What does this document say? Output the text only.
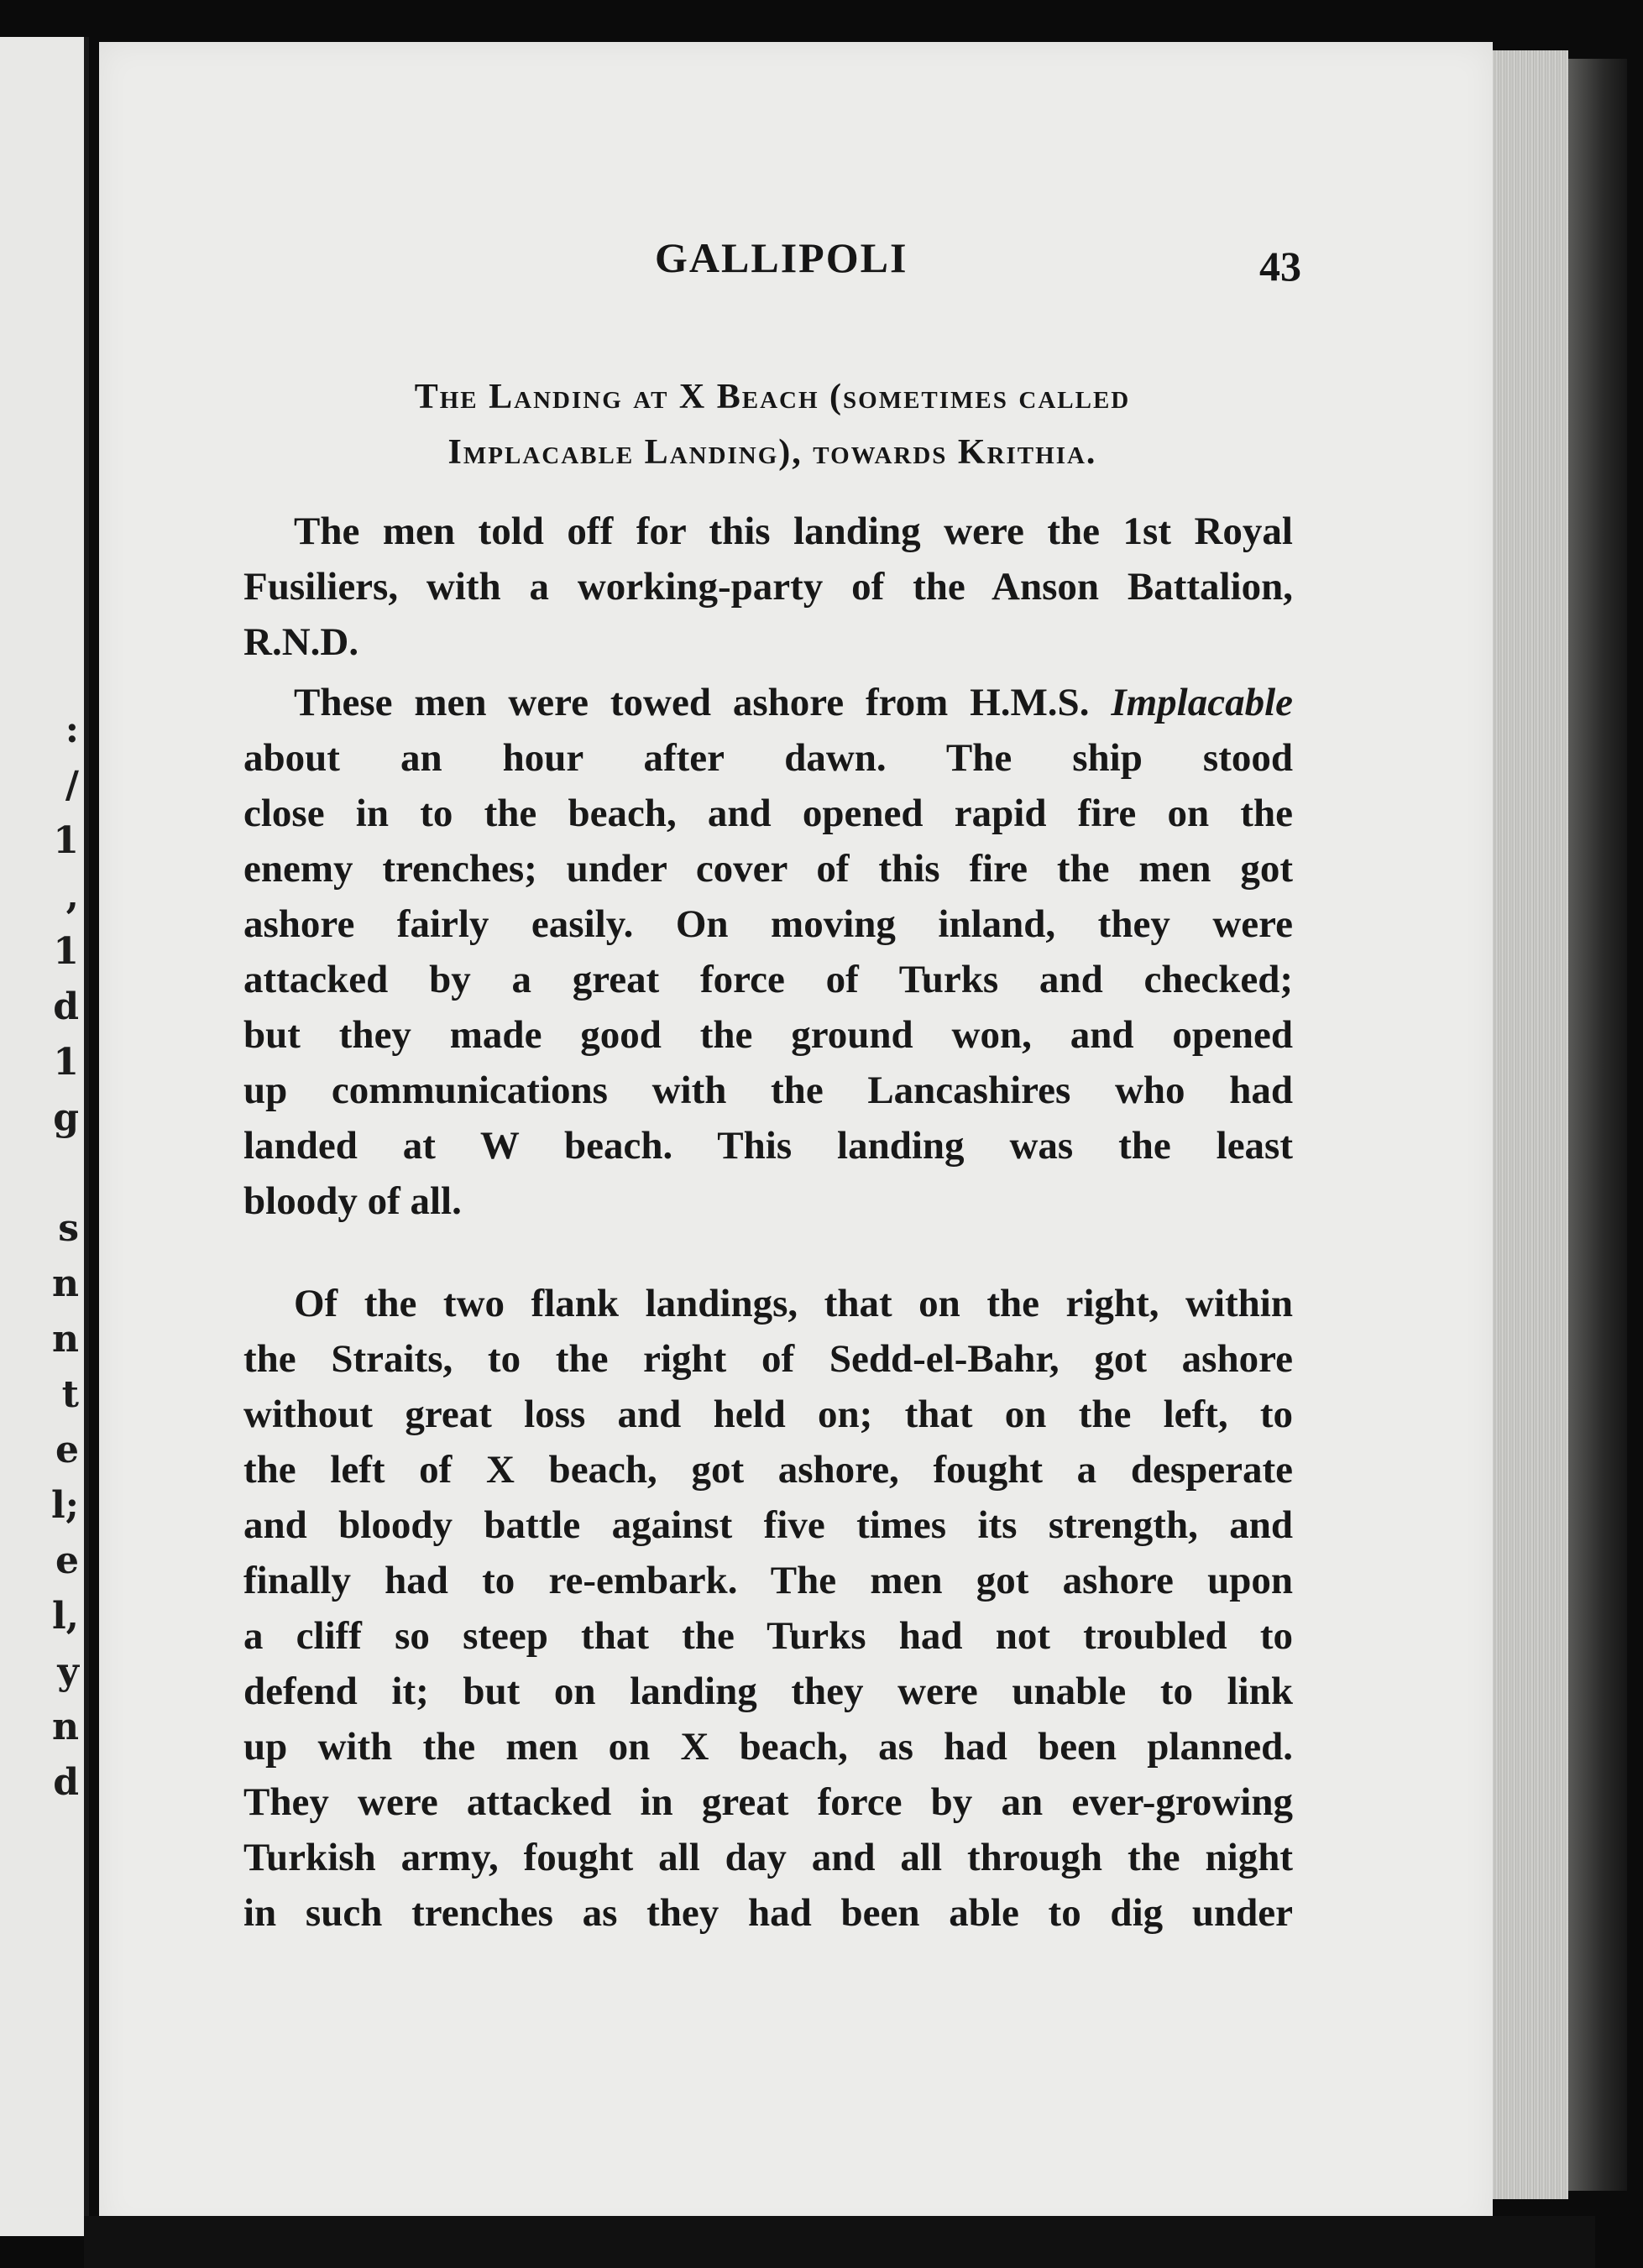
:
/
1
,
1
d
1
g
s
n
n
t
e
l;
e
l,
y
n
d
GALLIPOLI	43
The Landing at X Beach (sometimes called
Implacable Landing), towards Krithia.

The men told off for this landing were the 1st Royal
Fusiliers, with a working-party of the Anson Battalion,
R.N.D.

These men were towed ashore from H.M.S. Implacable
about an hour after dawn. The ship stood
close in to the beach, and opened rapid fire on the
enemy trenches; under cover of this fire the men got
ashore fairly easily. On moving inland, they were
attacked by a great force of Turks and checked;
but they made good the ground won, and opened
up communications with the Lancashires who had
landed at W beach. This landing was the least
bloody of all.

Of the two flank landings, that on the right, within
the Straits, to the right of Sedd-el-Bahr, got ashore
without great loss and held on; that on the left, to
the left of X beach, got ashore, fought a desperate
and bloody battle against five times its strength, and
finally had to re-embark. The men got ashore upon
a cliff so steep that the Turks had not troubled to
defend it; but on landing they were unable to link
up with the men on X beach, as had been planned.
They were attacked in great force by an ever-growing
Turkish army, fought all day and all through the night
in such trenches as they had been able to dig under
